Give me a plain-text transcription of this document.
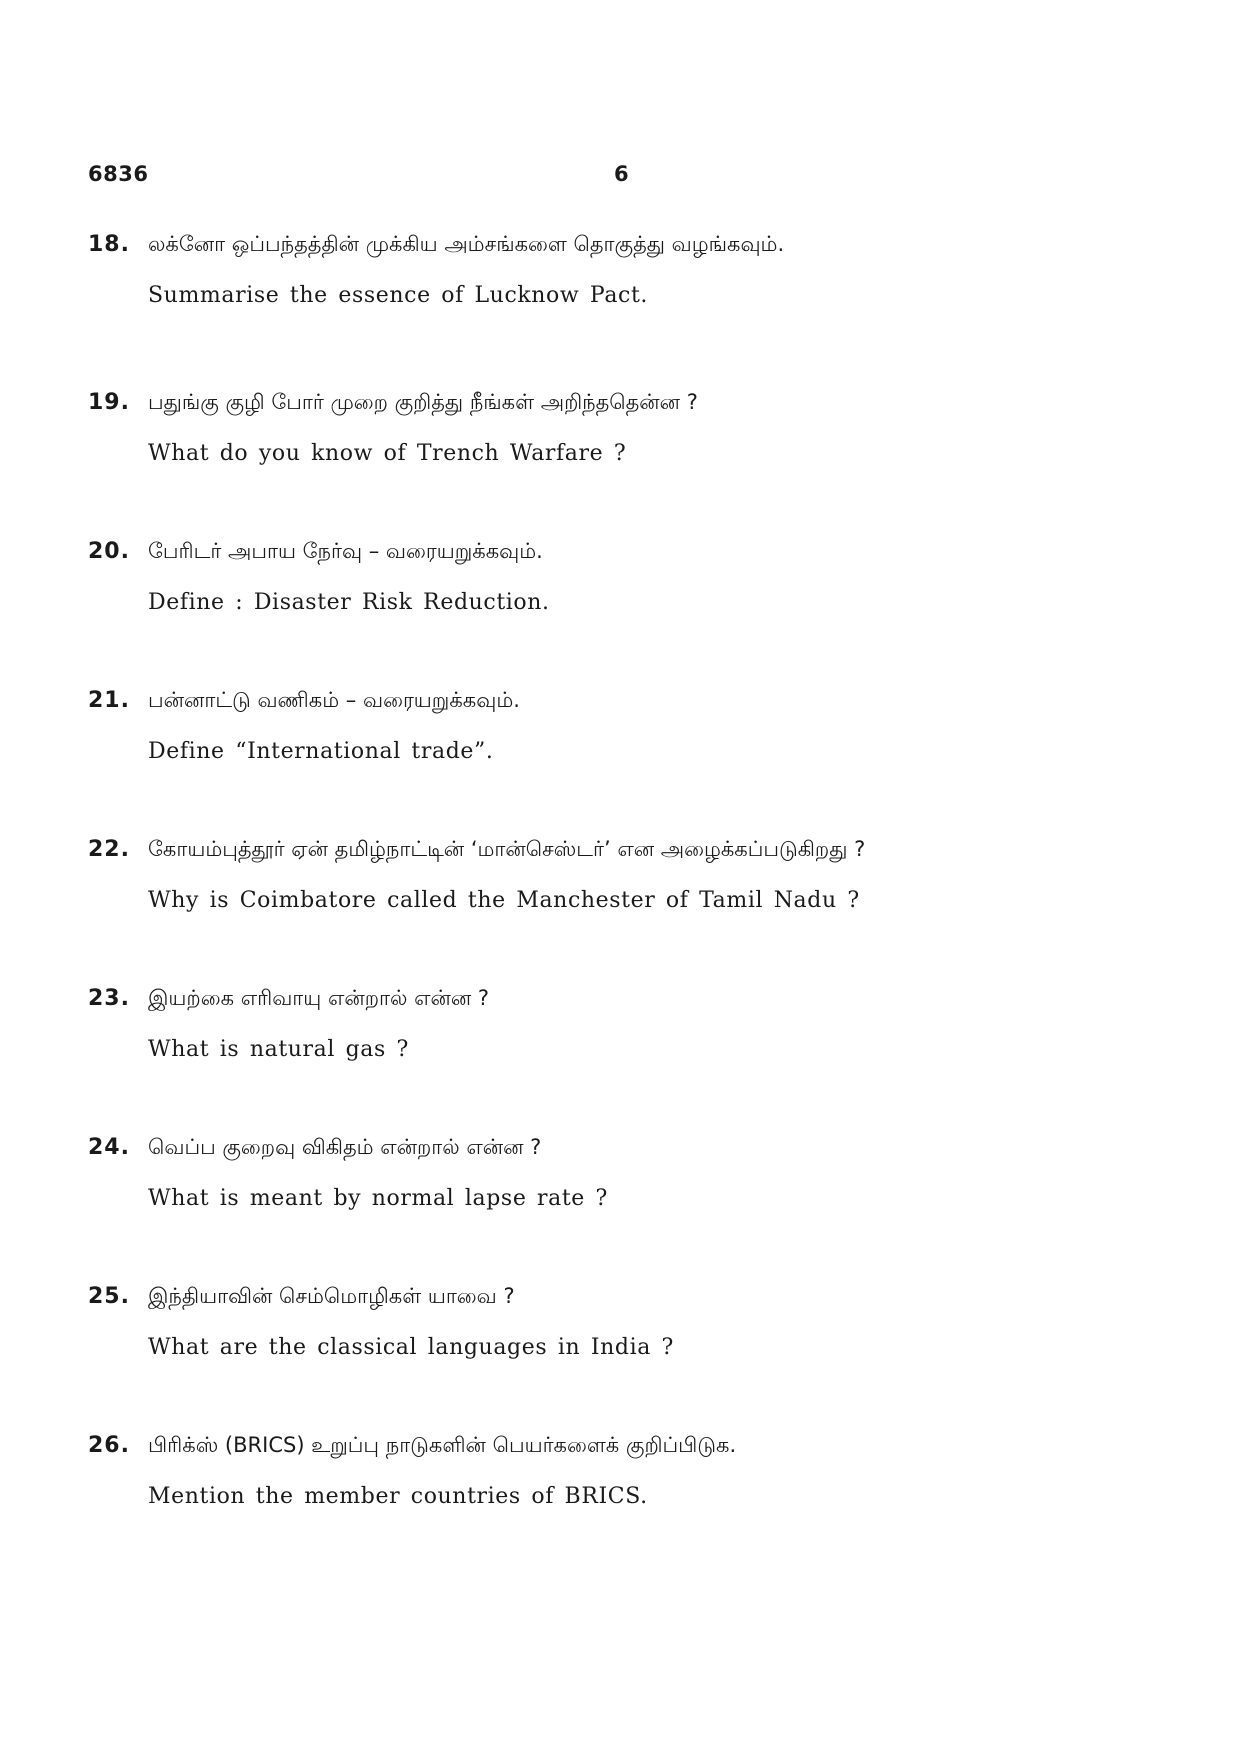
6836	6
18. லக்னோ ஒப்பந்தத்தின் முக்கிய அம்சங்களை தொகுத்து வழங்கவும்.
Summarise the essence of Lucknow Pact.
19. பதுங்கு குழி போர் முறை குறித்து நீங்கள் அறிந்ததென்ன ?
What do you know of Trench Warfare ?
20. பேரிடர் அபாய நேர்வு – வரையறுக்கவும்.
Define : Disaster Risk Reduction.
21. பன்னாட்டு வணிகம் – வரையறுக்கவும்.
Define “International trade”.
22. கோயம்புத்தூர் ஏன் தமிழ்நாட்டின் ‘மான்செஸ்டர்’ என அழைக்கப்படுகிறது ?
Why is Coimbatore called the Manchester of Tamil Nadu ?
23. இயற்கை எரிவாயு என்றால் என்ன ?
What is natural gas ?
24. வெப்ப குறைவு விகிதம் என்றால் என்ன ?
What is meant by normal lapse rate ?
25. இந்தியாவின் செம்மொழிகள் யாவை ?
What are the classical languages in India ?
26. பிரிக்ஸ் (BRICS) உறுப்பு நாடுகளின் பெயர்களைக் குறிப்பிடுக.
Mention the member countries of BRICS.
